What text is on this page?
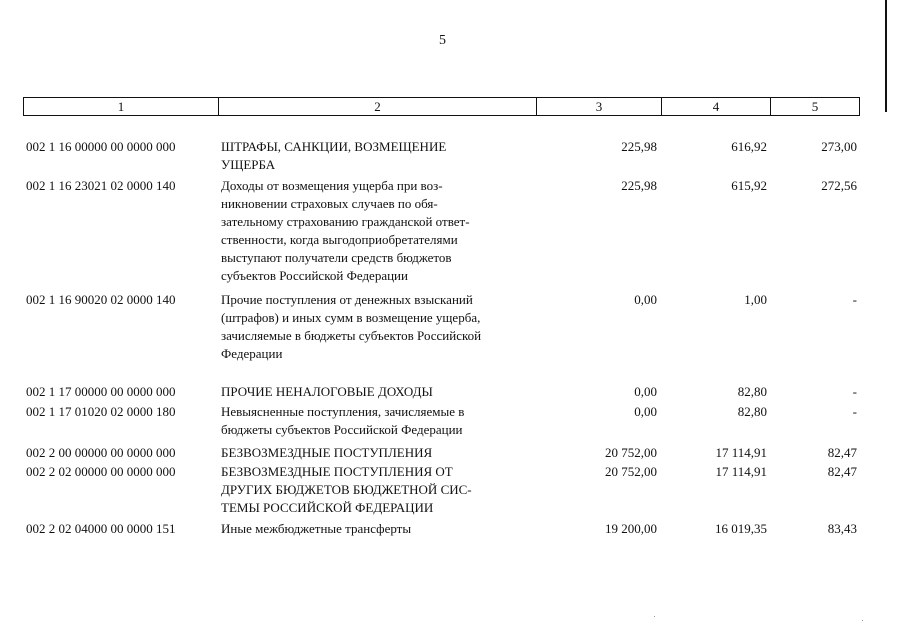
5
1	2	3	4	5
002 1 16 00000 00 0000 000	ШТРАФЫ, САНКЦИИ, ВОЗМЕЩЕНИЕ
УЩЕРБА
225,98	616,92	273,00
002 1 16 23021 02 0000 140	Доходы от возмещения ущерба при воз-
никновении страховых случаев по обя-
зательному страхованию гражданской ответ-
ственности, когда выгодоприобретателями
выступают получатели средств бюджетов
субъектов Российской Федерации
225,98	615,92	272,56
002 1 16 90020 02 0000 140	Прочие поступления от денежных взысканий
(штрафов) и иных сумм в возмещение ущерба,
зачисляемые в бюджеты субъектов Российской
Федерации
0,00	1,00	-
002 1 17 00000 00 0000 000	ПРОЧИЕ НЕНАЛОГОВЫЕ ДОХОДЫ	0,00	82,80	-
002 1 17 01020 02 0000 180	Невыясненные поступления, зачисляемые в
бюджеты субъектов Российской Федерации
0,00	82,80	-
002 2 00 00000 00 0000 000	БЕЗВОЗМЕЗДНЫЕ ПОСТУПЛЕНИЯ	20 752,00	17 114,91	82,47
002 2 02 00000 00 0000 000	БЕЗВОЗМЕЗДНЫЕ ПОСТУПЛЕНИЯ ОТ
ДРУГИХ БЮДЖЕТОВ БЮДЖЕТНОЙ СИС-
ТЕМЫ РОССИЙСКОЙ ФЕДЕРАЦИИ
20 752,00	17 114,91	82,47
002 2 02 04000 00 0000 151	Иные межбюджетные трансферты	19 200,00	16 019,35	83,43
